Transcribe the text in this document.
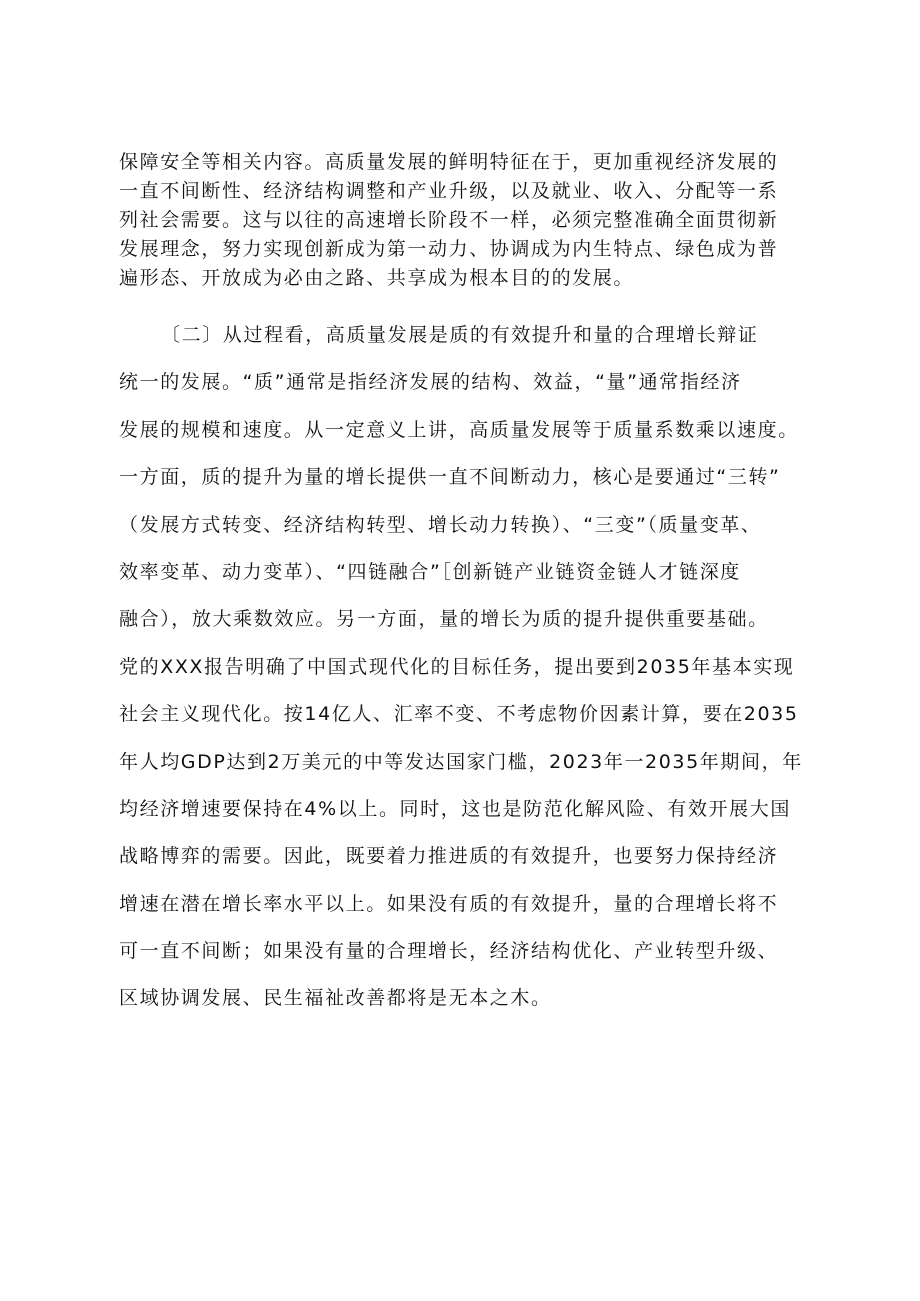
保障安全等相关内容。高质量发展的鲜明特征在于，更加重视经济发展的
一直不间断性、经济结构调整和产业升级，以及就业、收入、分配等一系
列社会需要。这与以往的高速增长阶段不一样，必须完整准确全面贯彻新
发展理念，努力实现创新成为第一动力、协调成为内生特点、绿色成为普
遍形态、开放成为必由之路、共享成为根本目的的发展。
〔二〕从过程看，高质量发展是质的有效提升和量的合理增长辩证
统一的发展。“质”通常是指经济发展的结构、效益，“量”通常指经济
发展的规模和速度。从一定意义上讲，高质量发展等于质量系数乘以速度。
一方面，质的提升为量的增长提供一直不间断动力，核心是要通过“三转”
（发展方式转变、经济结构转型、增长动力转换）、“三变”（质量变革、
效率变革、动力变革）、“四链融合”［创新链产业链资金链人才链深度
融合），放大乘数效应。另一方面，量的增长为质的提升提供重要基础。
党的XXX报告明确了中国式现代化的目标任务，提出要到2035年基本实现
社会主义现代化。按14亿人、汇率不变、不考虑物价因素计算，要在2035
年人均GDP达到2万美元的中等发达国家门槛，2023年一2035年期间，年
均经济增速要保持在4%以上。同时，这也是防范化解风险、有效开展大国
战略博弈的需要。因此，既要着力推进质的有效提升，也要努力保持经济
增速在潜在增长率水平以上。如果没有质的有效提升，量的合理增长将不
可一直不间断；如果没有量的合理增长，经济结构优化、产业转型升级、
区域协调发展、民生福祉改善都将是无本之木。
